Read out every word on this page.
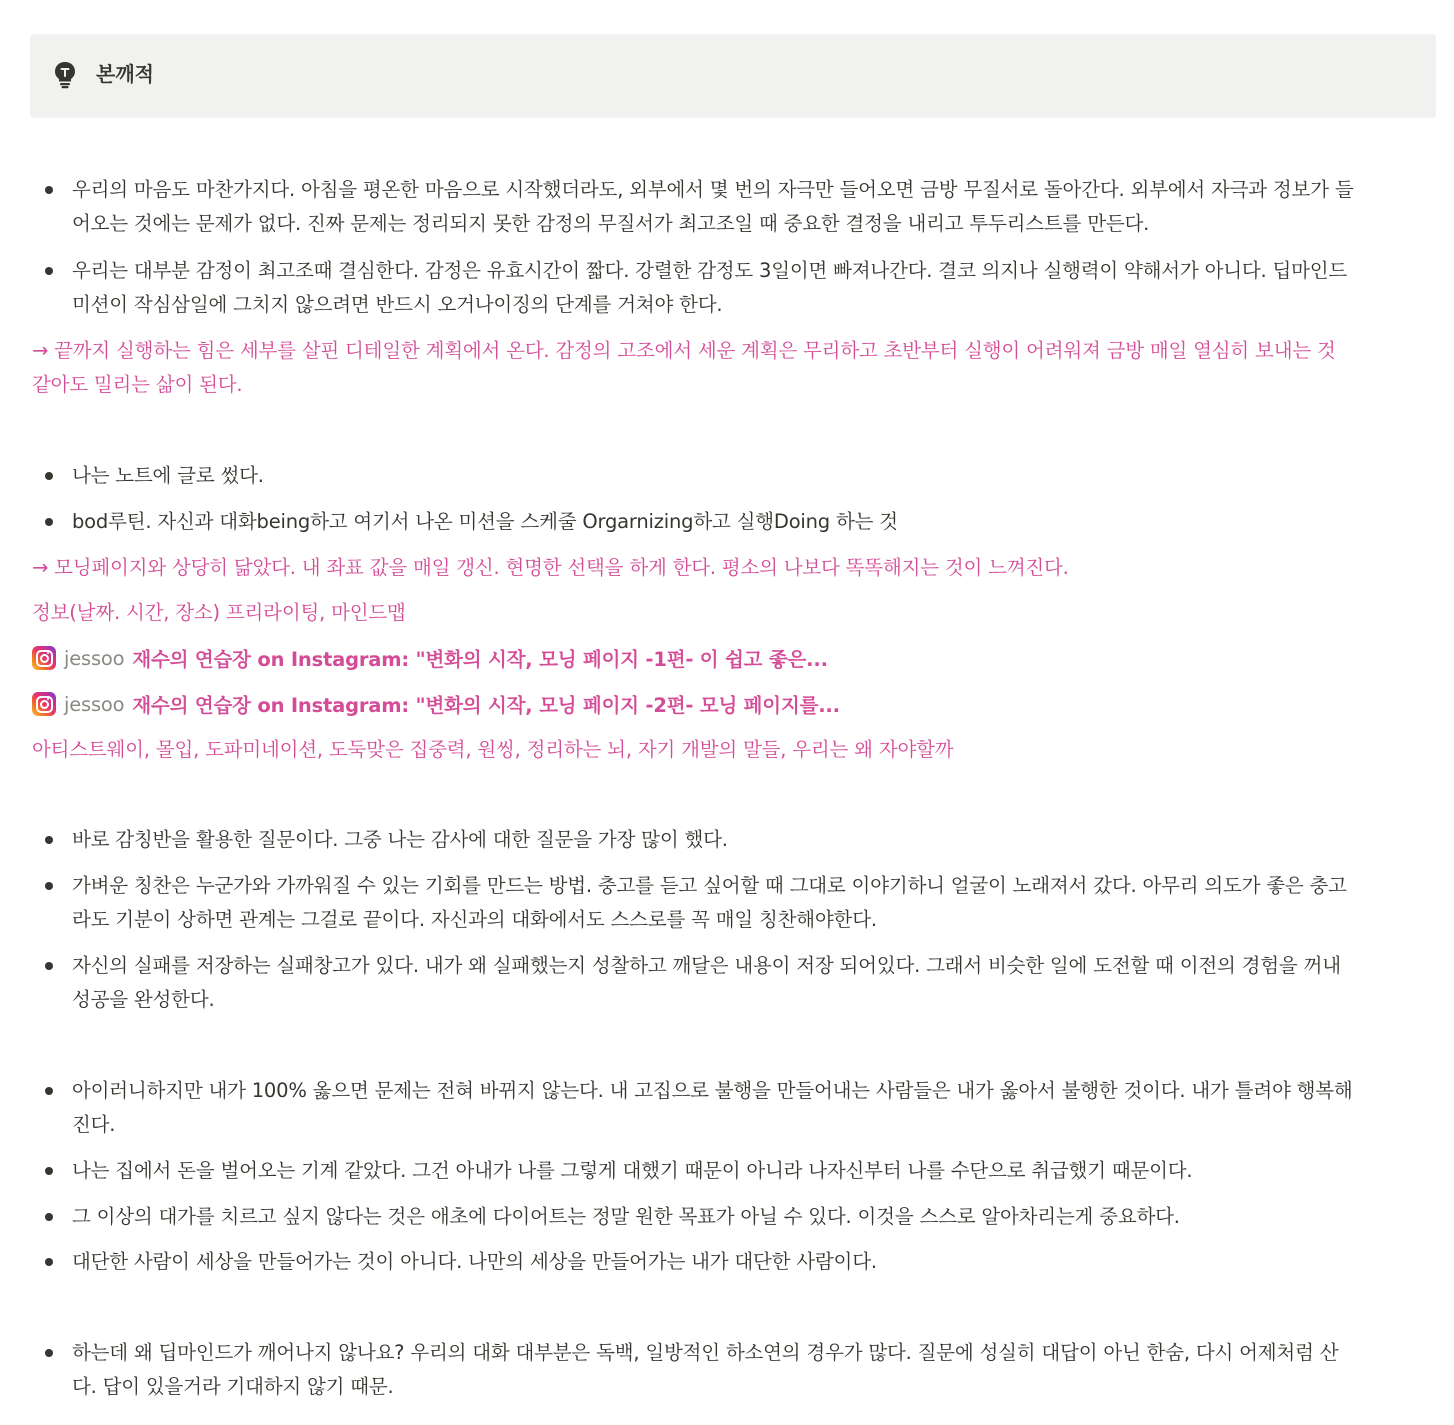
본깨적
우리의 마음도 마찬가지다. 아침을 평온한 마음으로 시작했더라도, 외부에서 몇 번의 자극만 들어오면 금방 무질서로 돌아간다. 외부에서 자극과 정보가 들
어오는 것에는 문제가 없다. 진짜 문제는 정리되지 못한 감정의 무질서가 최고조일 때 중요한 결정을 내리고 투두리스트를 만든다.
우리는 대부분 감정이 최고조때 결심한다. 감정은 유효시간이 짧다. 강렬한 감정도 3일이면 빠져나간다. 결코 의지나 실행력이 약해서가 아니다. 딥마인드
미션이 작심삼일에 그치지 않으려면 반드시 오거나이징의 단계를 거쳐야 한다.
→ 끝까지 실행하는 힘은 세부를 살핀 디테일한 계획에서 온다. 감정의 고조에서 세운 계획은 무리하고 초반부터 실행이 어려워져 금방 매일 열심히 보내는 것
같아도 밀리는 삶이 된다.
나는 노트에 글로 썼다.
bod루틴. 자신과 대화being하고 여기서 나온 미션을 스케줄 Orgarnizing하고 실행Doing 하는 것
→ 모닝페이지와 상당히 닮았다. 내 좌표 값을 매일 갱신. 현명한 선택을 하게 한다. 평소의 나보다 똑똑해지는 것이 느껴진다.
정보(날짜. 시간, 장소) 프리라이팅, 마인드맵
jessoo 재수의 연습장 on Instagram: "변화의 시작, 모닝 페이지 -1편- 이 쉽고 좋은...
jessoo 재수의 연습장 on Instagram: "변화의 시작, 모닝 페이지 -2편- 모닝 페이지를...
아티스트웨이, 몰입, 도파미네이션, 도둑맞은 집중력, 원씽, 정리하는 뇌, 자기 개발의 말들, 우리는 왜 자야할까
바로 감칭반을 활용한 질문이다. 그중 나는 감사에 대한 질문을 가장 많이 했다.
가벼운 칭찬은 누군가와 가까워질 수 있는 기회를 만드는 방법. 충고를 듣고 싶어할 때 그대로 이야기하니 얼굴이 노래져서 갔다. 아무리 의도가 좋은 충고
라도 기분이 상하면 관계는 그걸로 끝이다. 자신과의 대화에서도 스스로를 꼭 매일 칭찬해야한다.
자신의 실패를 저장하는 실패창고가 있다. 내가 왜 실패했는지 성찰하고 깨달은 내용이 저장 되어있다. 그래서 비슷한 일에 도전할 때 이전의 경험을 꺼내
성공을 완성한다.
아이러니하지만 내가 100% 옳으면 문제는 전혀 바뀌지 않는다. 내 고집으로 불행을 만들어내는 사람들은 내가 옳아서 불행한 것이다. 내가 틀려야 행복해
진다.
나는 집에서 돈을 벌어오는 기계 같았다. 그건 아내가 나를 그렇게 대했기 때문이 아니라 나자신부터 나를 수단으로 취급했기 때문이다.
그 이상의 대가를 치르고 싶지 않다는 것은 애초에 다이어트는 정말 원한 목표가 아닐 수 있다. 이것을 스스로 알아차리는게 중요하다.
대단한 사람이 세상을 만들어가는 것이 아니다. 나만의 세상을 만들어가는 내가 대단한 사람이다.
하는데 왜 딥마인드가 깨어나지 않나요? 우리의 대화 대부분은 독백, 일방적인 하소연의 경우가 많다. 질문에 성실히 대답이 아닌 한숨, 다시 어제처럼 산
다. 답이 있을거라 기대하지 않기 때문.
